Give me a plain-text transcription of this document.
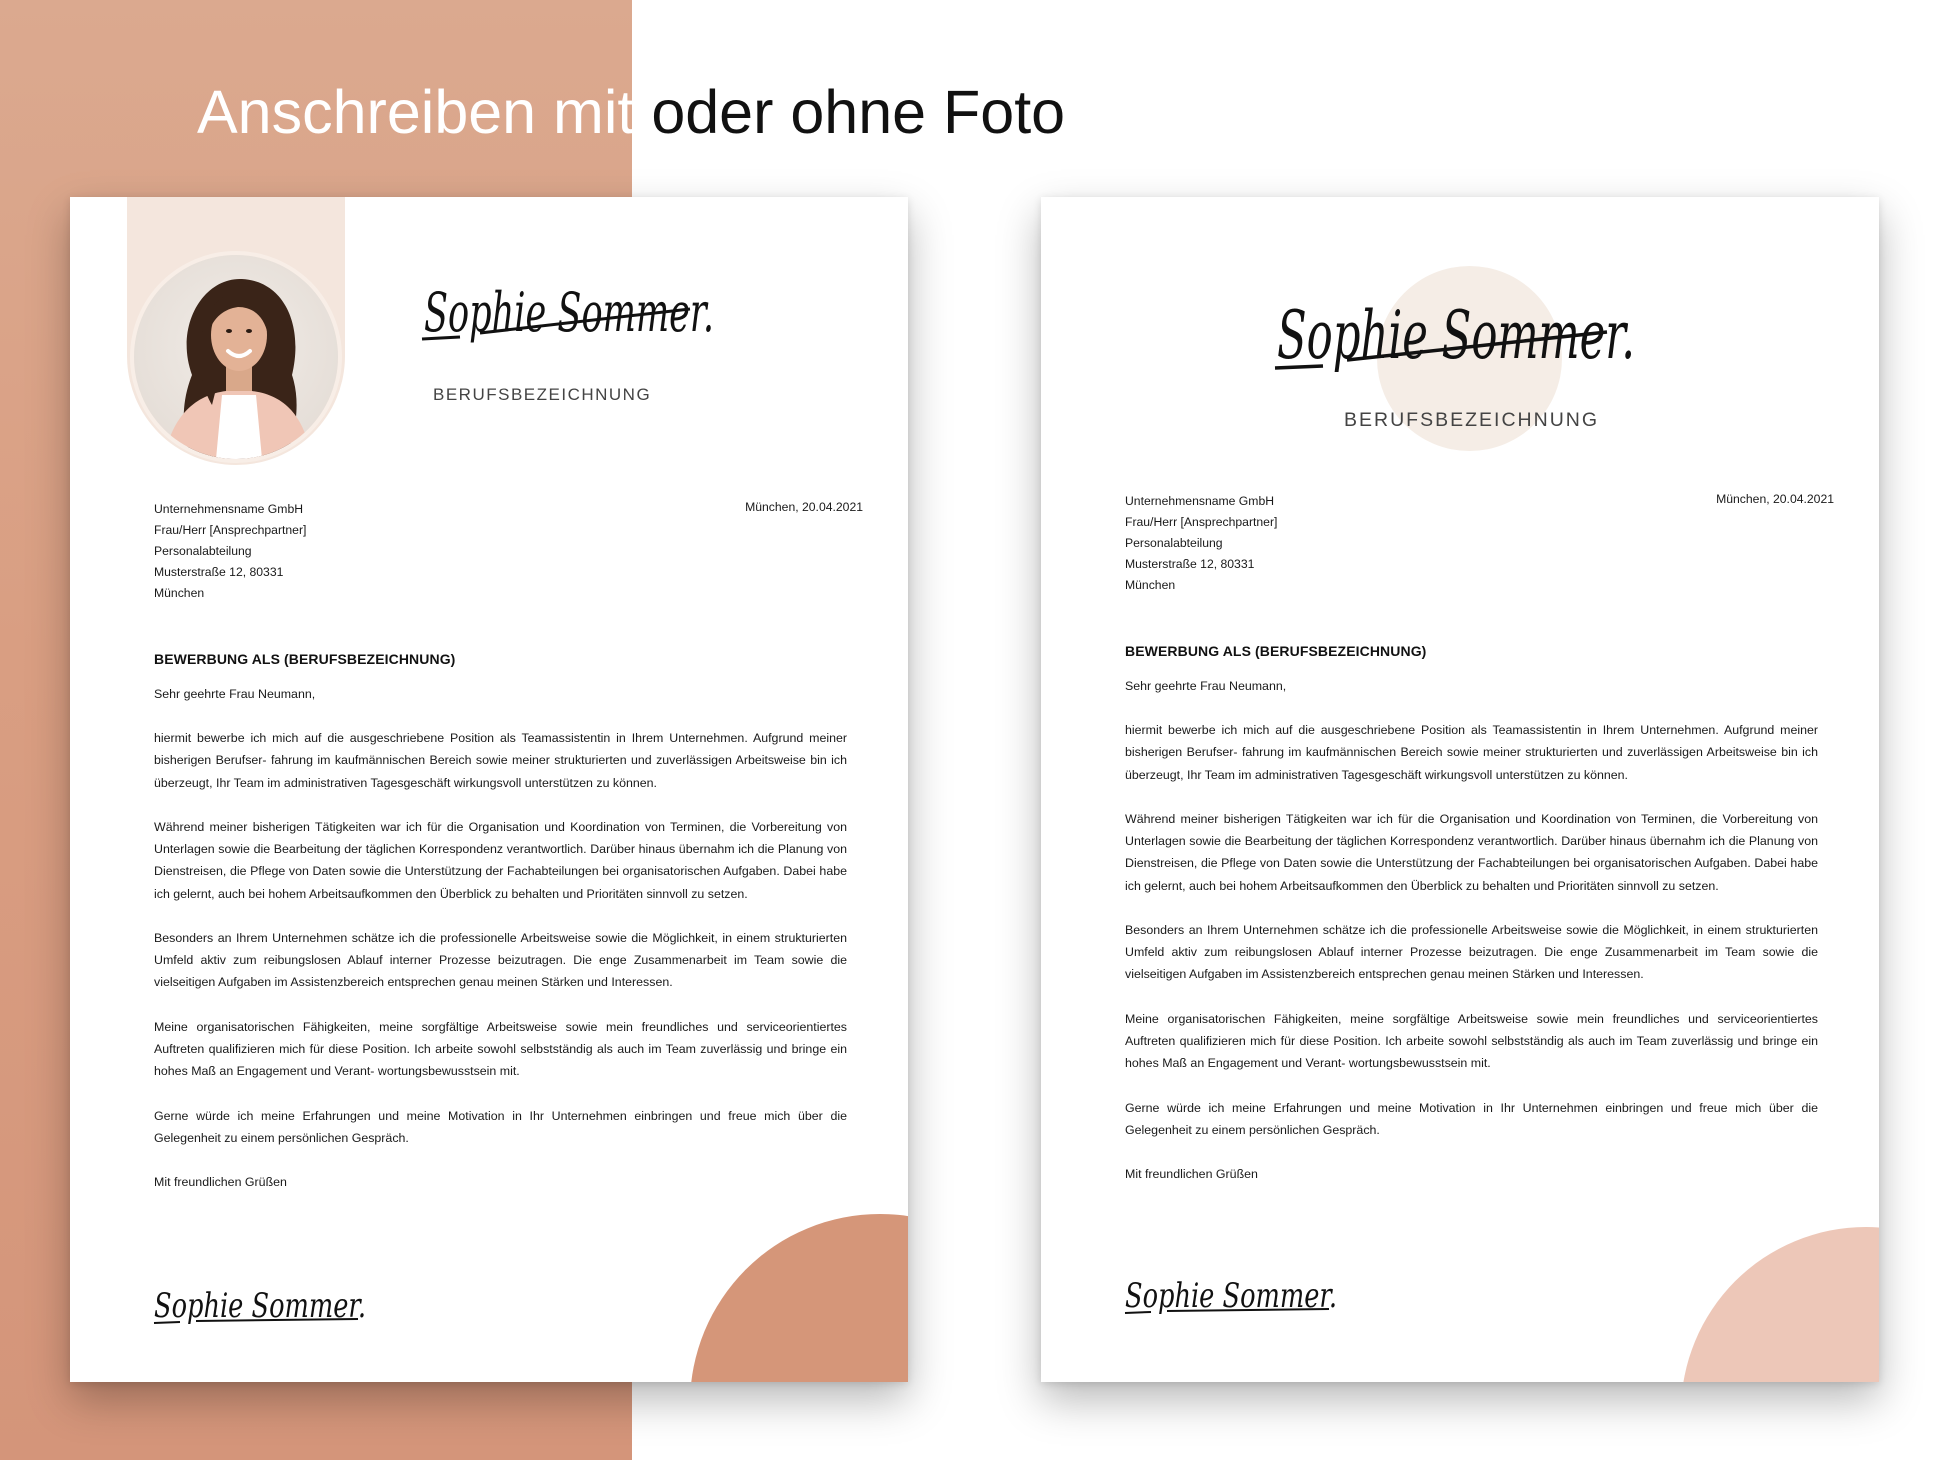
Anschreiben mit oder ohne Foto
Sophie Sommer.
BERUFSBEZEICHNUNG
Unternehmensname GmbH
Frau/Herr [Ansprechpartner]
Personalabteilung
Musterstraße 12, 80331
München
München, 20.04.2021
BEWERBUNG ALS (BERUFSBEZEICHNUNG)

Sehr geehrte Frau Neumann,

hiermit bewerbe ich mich auf die ausgeschriebene Position als Teamassistentin in Ihrem Unternehmen. Aufgrund meiner bisherigen Berufser- fahrung im kaufmännischen Bereich sowie meiner strukturierten und zuverlässigen Arbeitsweise bin ich überzeugt, Ihr Team im administrativen Tagesgeschäft wirkungsvoll unterstützen zu können.

Während meiner bisherigen Tätigkeiten war ich für die Organisation und Koordination von Terminen, die Vorbereitung von Unterlagen sowie die Bearbeitung der täglichen Korrespondenz verantwortlich. Darüber hinaus übernahm ich die Planung von Dienstreisen, die Pflege von Daten sowie die Unterstützung der Fachabteilungen bei organisatorischen Aufgaben. Dabei habe ich gelernt, auch bei hohem Arbeitsaufkommen den Überblick zu behalten und Prioritäten sinnvoll zu setzen.

Besonders an Ihrem Unternehmen schätze ich die professionelle Arbeitsweise sowie die Möglichkeit, in einem strukturierten Umfeld aktiv zum reibungslosen Ablauf interner Prozesse beizutragen. Die enge Zusammenarbeit im Team sowie die vielseitigen Aufgaben im Assistenzbereich entsprechen genau meinen Stärken und Interessen.

Meine organisatorischen Fähigkeiten, meine sorgfältige Arbeitsweise sowie mein freundliches und serviceorientiertes Auftreten qualifizieren mich für diese Position. Ich arbeite sowohl selbstständig als auch im Team zuverlässig und bringe ein hohes Maß an Engagement und Verant- wortungsbewusstsein mit.

Gerne würde ich meine Erfahrungen und meine Motivation in Ihr Unternehmen einbringen und freue mich über die Gelegenheit zu einem persönlichen Gespräch.

Mit freundlichen Grüßen

Sophie Sommer.
Sophie Sommer.
BERUFSBEZEICHNUNG
Unternehmensname GmbH
Frau/Herr [Ansprechpartner]
Personalabteilung
Musterstraße 12, 80331
München
München, 20.04.2021
BEWERBUNG ALS (BERUFSBEZEICHNUNG)

Sehr geehrte Frau Neumann,

hiermit bewerbe ich mich auf die ausgeschriebene Position als Teamassistentin in Ihrem Unternehmen. Aufgrund meiner bisherigen Berufser- fahrung im kaufmännischen Bereich sowie meiner strukturierten und zuverlässigen Arbeitsweise bin ich überzeugt, Ihr Team im administrativen Tagesgeschäft wirkungsvoll unterstützen zu können.

Während meiner bisherigen Tätigkeiten war ich für die Organisation und Koordination von Terminen, die Vorbereitung von Unterlagen sowie die Bearbeitung der täglichen Korrespondenz verantwortlich. Darüber hinaus übernahm ich die Planung von Dienstreisen, die Pflege von Daten sowie die Unterstützung der Fachabteilungen bei organisatorischen Aufgaben. Dabei habe ich gelernt, auch bei hohem Arbeitsaufkommen den Überblick zu behalten und Prioritäten sinnvoll zu setzen.

Besonders an Ihrem Unternehmen schätze ich die professionelle Arbeitsweise sowie die Möglichkeit, in einem strukturierten Umfeld aktiv zum reibungslosen Ablauf interner Prozesse beizutragen. Die enge Zusammenarbeit im Team sowie die vielseitigen Aufgaben im Assistenzbereich entsprechen genau meinen Stärken und Interessen.

Meine organisatorischen Fähigkeiten, meine sorgfältige Arbeitsweise sowie mein freundliches und serviceorientiertes Auftreten qualifizieren mich für diese Position. Ich arbeite sowohl selbstständig als auch im Team zuverlässig und bringe ein hohes Maß an Engagement und Verant- wortungsbewusstsein mit.

Gerne würde ich meine Erfahrungen und meine Motivation in Ihr Unternehmen einbringen und freue mich über die Gelegenheit zu einem persönlichen Gespräch.

Mit freundlichen Grüßen

Sophie Sommer.
